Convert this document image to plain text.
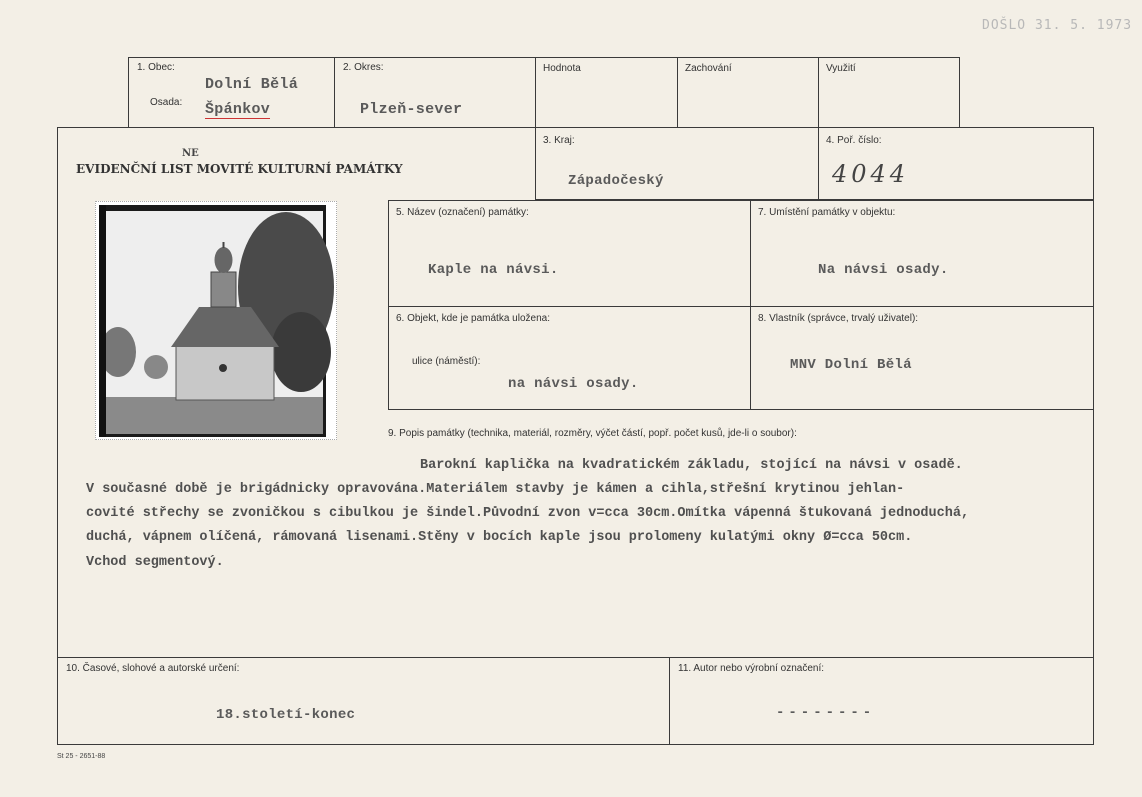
DOŠLO 31. 5. 1973
1. Obec:
Dolní Bělá
Osada: Špánkov
2. Okres:
Plzeň-sever
Hodnota	Zachování	Využití
EVIDENČNÍ LIST MOVITÉ KULTURNÍ PAMÁTKY
NE
3. Kraj:
Západočeský
4. Poř. číslo:
4044
5. Název (označení) památky:
Kaple na návsi.
7. Umístění památky v objektu:
Na návsi osady.
6. Objekt, kde je památka uložena:
ulice (náměstí):
na návsi osady.
8. Vlastník (správce, trvalý uživatel):
MNV Dolní Bělá
9. Popis památky (technika, materiál, rozměry, výčet částí, popř. počet kusů, jde-li o soubor):
Barokní kaplička na kvadratickém základu, stojící na návsi v osadě.
V současné době je brigádnicky opravována.Materiálem stavby je kámen a cihla,střešní krytinou jehlan-
covité střechy se zvoničkou s cibulkou je šindel.Původní zvon v=cca 30cm.Omítka vápenná štukovaná jednoduchá,
duchá, vápnem olíčená, rámovaná lisenami.Stěny v bocích kaple jsou prolomeny kulatými okny Ø=cca 50cm.
Vchod segmentový.
10. Časové, slohové a autorské určení:
18.století-konec
11. Autor nebo výrobní označení:
--------
St 25 - 2651-88
